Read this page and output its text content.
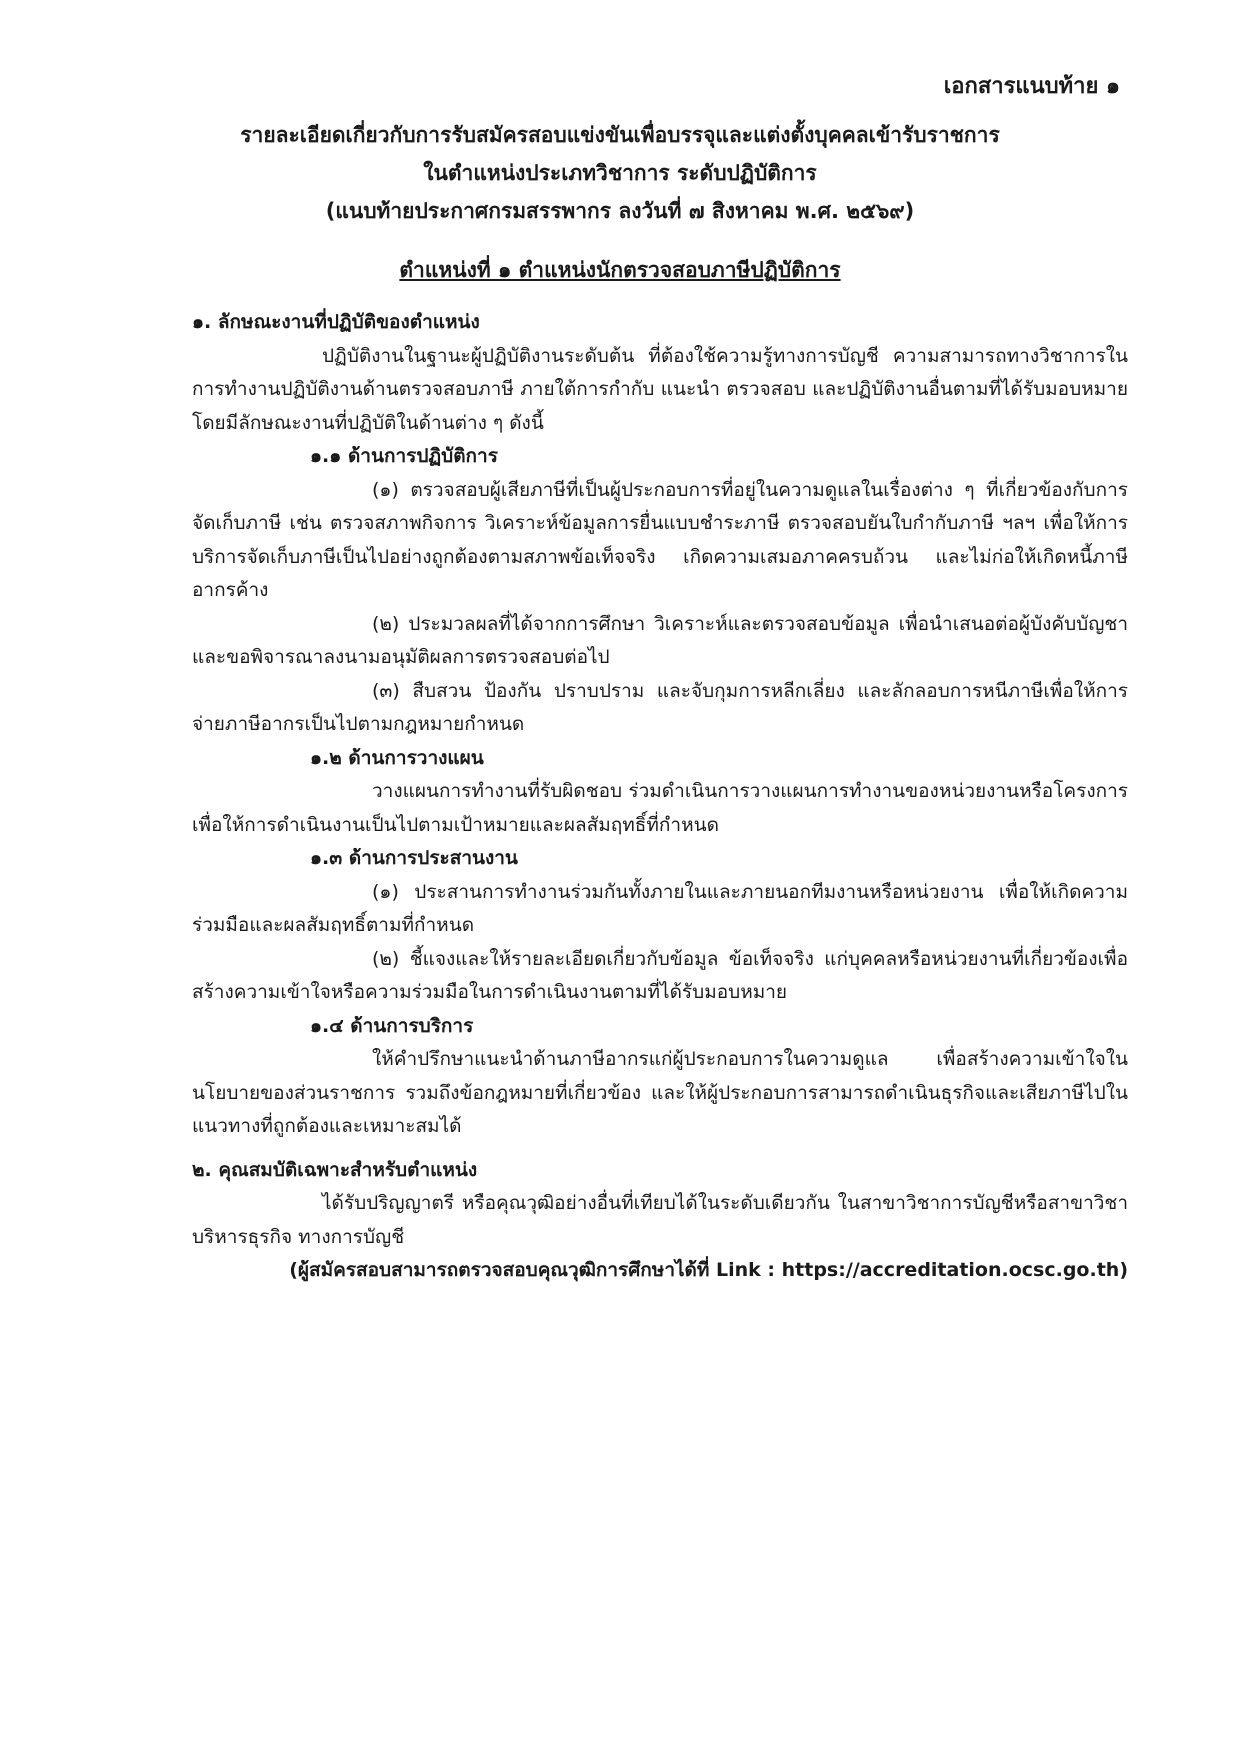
เอกสารแนบท้าย ๑
รายละเอียดเกี่ยวกับการรับสมัครสอบแข่งขันเพื่อบรรจุและแต่งตั้งบุคคลเข้ารับราชการ
ในตำแหน่งประเภทวิชาการ ระดับปฏิบัติการ
(แนบท้ายประกาศกรมสรรพากร ลงวันที่ ๗ สิงหาคม พ.ศ. ๒๕๖๙)
ตำแหน่งที่ ๑ ตำแหน่งนักตรวจสอบภาษีปฏิบัติการ

๑. ลักษณะงานที่ปฏิบัติของตำแหน่ง

ปฏิบัติงานในฐานะผู้ปฏิบัติงานระดับต้น ที่ต้องใช้ความรู้ทางการบัญชี ความสามารถทางวิชาการในการทำงานปฏิบัติงานด้านตรวจสอบภาษี ภายใต้การกำกับ แนะนำ ตรวจสอบ และปฏิบัติงานอื่นตามที่ได้รับมอบหมายโดยมีลักษณะงานที่ปฏิบัติในด้านต่าง ๆ ดังนี้

๑.๑ ด้านการปฏิบัติการ

(๑) ตรวจสอบผู้เสียภาษีที่เป็นผู้ประกอบการที่อยู่ในความดูแลในเรื่องต่าง ๆ ที่เกี่ยวข้องกับการจัดเก็บภาษี เช่น ตรวจสภาพกิจการ วิเคราะห์ข้อมูลการยื่นแบบชำระภาษี ตรวจสอบยันใบกำกับภาษี ฯลฯ เพื่อให้การบริการจัดเก็บภาษีเป็นไปอย่างถูกต้องตามสภาพข้อเท็จจริง เกิดความเสมอภาคครบถ้วน และไม่ก่อให้เกิดหนี้ภาษีอากรค้าง

(๒) ประมวลผลที่ได้จากการศึกษา วิเคราะห์และตรวจสอบข้อมูล เพื่อนำเสนอต่อผู้บังคับบัญชาและขอพิจารณาลงนามอนุมัติผลการตรวจสอบต่อไป

(๓) สืบสวน ป้องกัน ปราบปราม และจับกุมการหลีกเลี่ยง และลักลอบการหนีภาษีเพื่อให้การจ่ายภาษีอากรเป็นไปตามกฎหมายกำหนด

๑.๒ ด้านการวางแผน

วางแผนการทำงานที่รับผิดชอบ ร่วมดำเนินการวางแผนการทำงานของหน่วยงานหรือโครงการ เพื่อให้การดำเนินงานเป็นไปตามเป้าหมายและผลสัมฤทธิ์ที่กำหนด

๑.๓ ด้านการประสานงาน

(๑) ประสานการทำงานร่วมกันทั้งภายในและภายนอกทีมงานหรือหน่วยงาน เพื่อให้เกิดความร่วมมือและผลสัมฤทธิ์ตามที่กำหนด

(๒) ชี้แจงและให้รายละเอียดเกี่ยวกับข้อมูล ข้อเท็จจริง แก่บุคคลหรือหน่วยงานที่เกี่ยวข้องเพื่อสร้างความเข้าใจหรือความร่วมมือในการดำเนินงานตามที่ได้รับมอบหมาย

๑.๔ ด้านการบริการ

ให้คำปรึกษาแนะนำด้านภาษีอากรแก่ผู้ประกอบการในความดูแล เพื่อสร้างความเข้าใจในนโยบายของส่วนราชการ รวมถึงข้อกฎหมายที่เกี่ยวข้อง และให้ผู้ประกอบการสามารถดำเนินธุรกิจและเสียภาษีไปในแนวทางที่ถูกต้องและเหมาะสมได้

๒. คุณสมบัติเฉพาะสำหรับตำแหน่ง

ได้รับปริญญาตรี หรือคุณวุฒิอย่างอื่นที่เทียบได้ในระดับเดียวกัน ในสาขาวิชาการบัญชีหรือสาขาวิชาบริหารธุรกิจ ทางการบัญชี

(ผู้สมัครสอบสามารถตรวจสอบคุณวุฒิการศึกษาได้ที่ Link : https://accreditation.ocsc.go.th)
